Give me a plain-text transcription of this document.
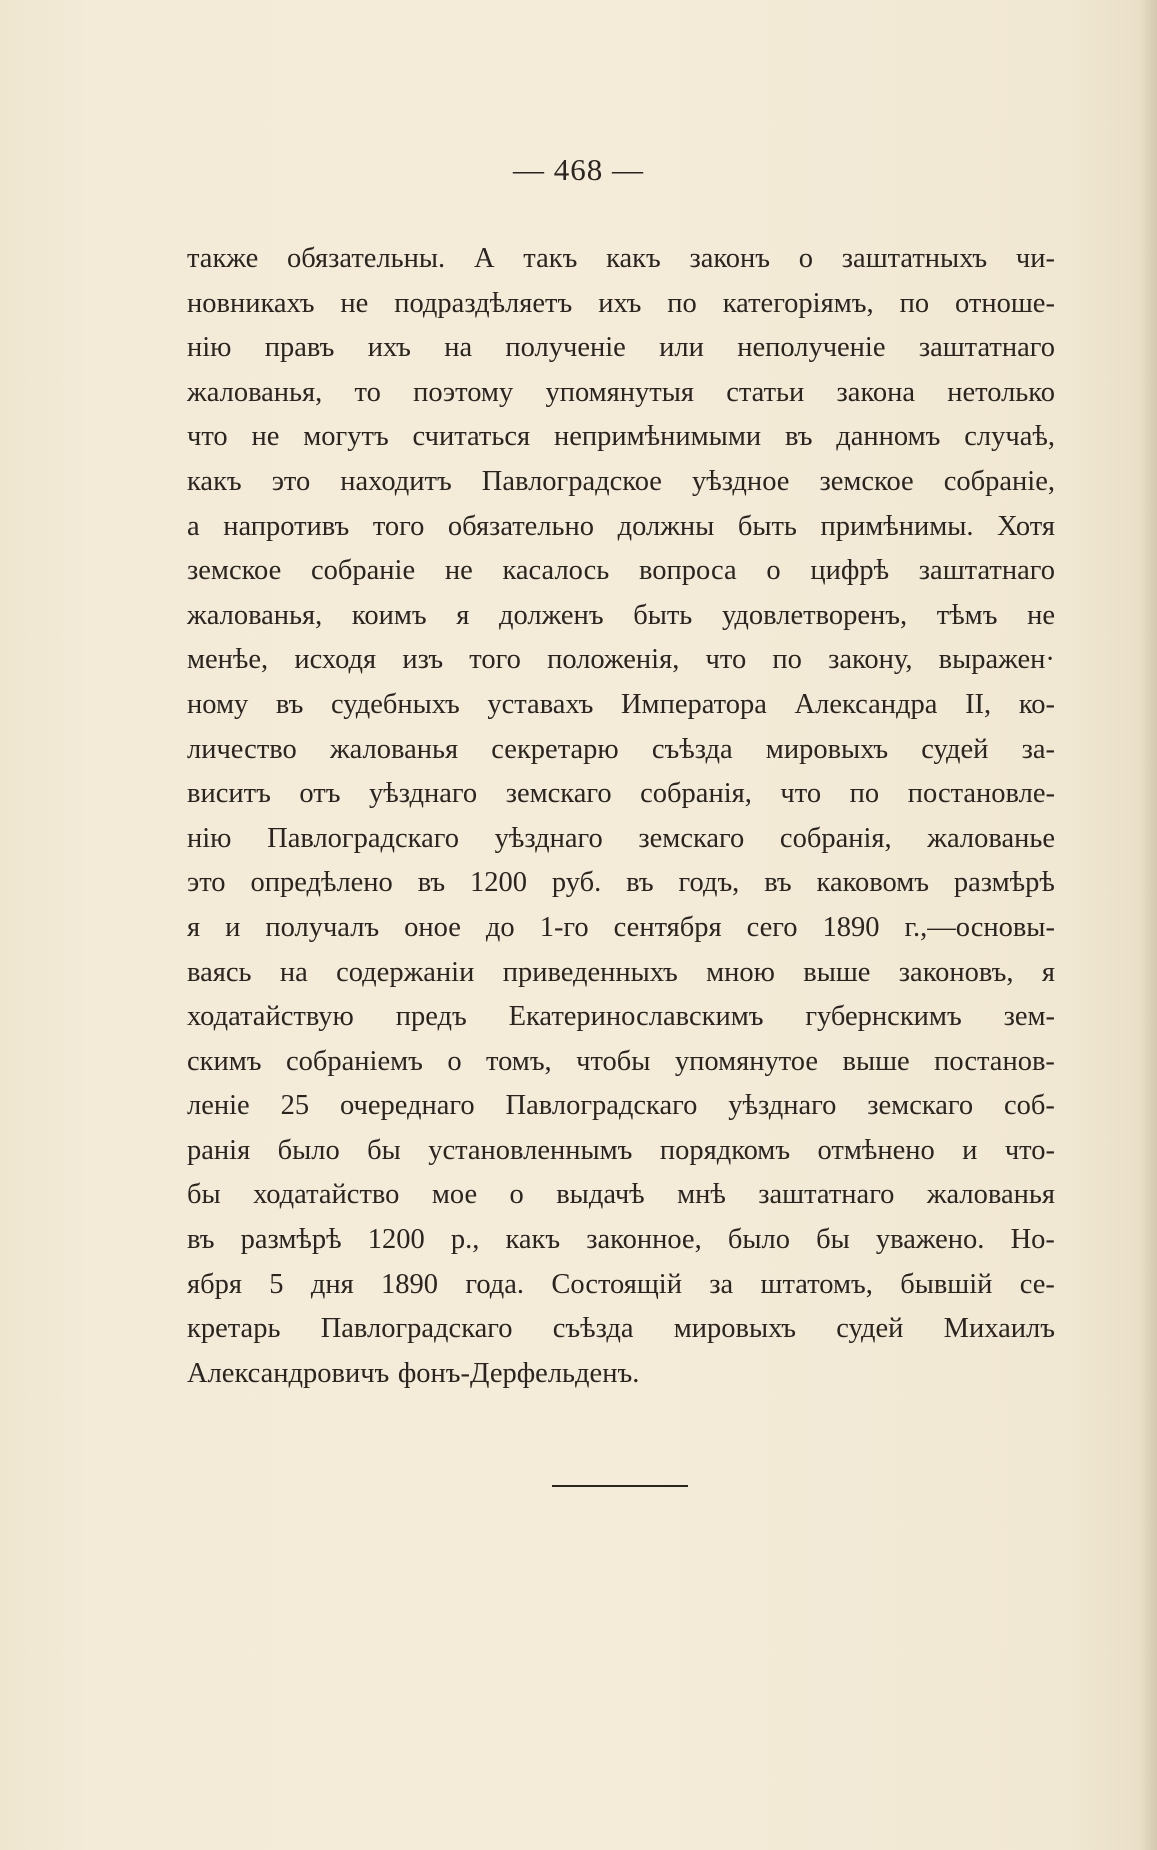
— 468 —
также обязательны. А такъ какъ законъ о заштатныхъ чи-
новникахъ не подраздѣляетъ ихъ по категоріямъ, по отноше-
нію правъ ихъ на полученіе или неполученіе заштатнаго
жалованья, то поэтому упомянутыя статьи закона нетолько
что не могутъ считаться непримѣнимыми въ данномъ случаѣ,
какъ это находитъ Павлоградское уѣздное земское собраніе,
а напротивъ того обязательно должны быть примѣнимы. Хотя
земское собраніе не касалось вопроса о цифрѣ заштатнаго
жалованья, коимъ я долженъ быть удовлетворенъ, тѣмъ не
менѣе, исходя изъ того положенія, что по закону, выражен·
ному въ судебныхъ уставахъ Императора Александра II, ко-
личество жалованья секретарю съѣзда мировыхъ судей за-
виситъ отъ уѣзднаго земскаго собранія, что по постановле-
нію Павлоградскаго уѣзднаго земскаго собранія, жалованье
это опредѣлено въ 1200 руб. въ годъ, въ каковомъ размѣрѣ
я и получалъ оное до 1-го сентября сего 1890 г.,—основы-
ваясь на содержаніи приведенныхъ мною выше законовъ, я
ходатайствую предъ Екатеринославскимъ губернскимъ зем-
скимъ собраніемъ о томъ, чтобы упомянутое выше постанов-
леніе 25 очереднаго Павлоградскаго уѣзднаго земскаго соб-
ранія было бы установленнымъ порядкомъ отмѣнено и что-
бы ходатайство мое о выдачѣ мнѣ заштатнаго жалованья
въ размѣрѣ 1200 р., какъ законное, было бы уважено. Но-
ября 5 дня 1890 года. Состоящій за штатомъ, бывшій се-
кретарь Павлоградскаго съѣзда мировыхъ судей Михаилъ
Александровичъ фонъ-Дерфельденъ.
